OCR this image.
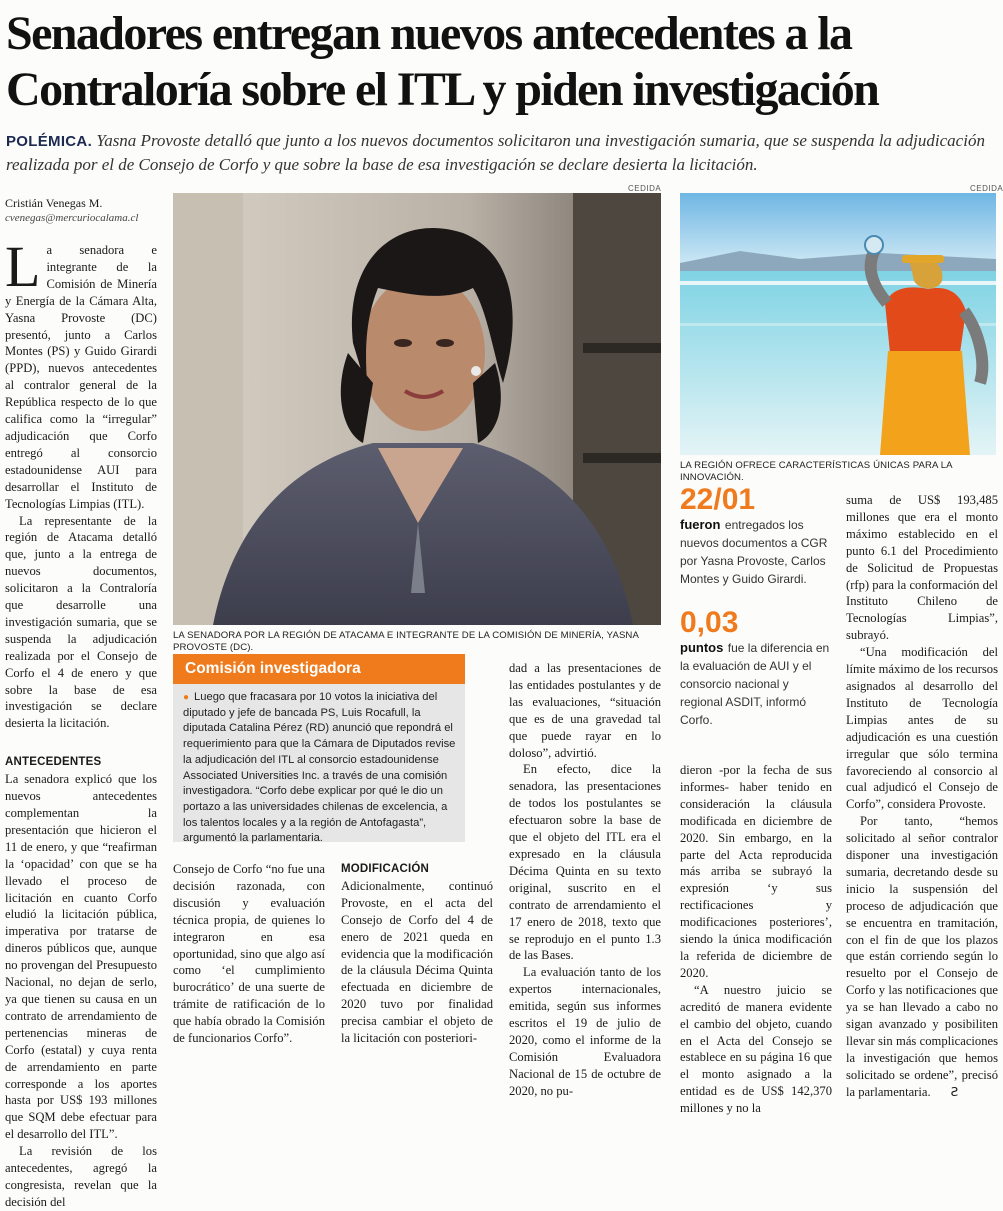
Senadores entregan nuevos antecedentes a la Contraloría sobre el ITL y piden investigación

POLÉMICA. Yasna Provoste detalló que junto a los nuevos documentos solicitaron una investigación sumaria, que se suspenda la adjudicación realizada por el de Consejo de Corfo y que sobre la base de esa investigación se declare desierta la licitación.

Cristián Venegas M.
cvenegas@mercuriocalama.cl

La senadora e integrante de la Comisión de Minería y Energía de la Cámara Alta, Yasna Provoste (DC) presentó, junto a Carlos Montes (PS) y Guido Girardi (PPD), nuevos antecedentes al contralor general de la República respecto de lo que califica como la “irregular” adjudicación que Corfo entregó al consorcio estadounidense AUI para desarrollar el Instituto de Tecnologías Limpias (ITL).

La representante de la región de Atacama detalló que, junto a la entrega de nuevos documentos, solicitaron a la Contraloría que desarrolle una investigación sumaria, que se suspenda la adjudicación realizada por el Consejo de Corfo el 4 de enero y que sobre la base de esa investigación se declare desierta la licitación.

ANTECEDENTES

La senadora explicó que los nuevos antecedentes complementan la presentación que hicieron el 11 de enero, y que “reafirman la ‘opacidad’ con que se ha llevado el proceso de licitación en cuanto Corfo eludió la licitación pública, imperativa por tratarse de dineros públicos que, aunque no provengan del Presupuesto Nacional, no dejan de serlo, ya que tienen su causa en un contrato de arrendamiento de pertenencias mineras de Corfo (estatal) y cuya renta de arrendamiento en parte corresponde a los aportes hasta por US$ 193 millones que SQM debe efectuar para el desarrollo del ITL”.

La revisión de los antecedentes, agregó la congresista, revelan que la decisión del

CEDIDA

LA SENADORA POR LA REGIÓN DE ATACAMA E INTEGRANTE DE LA COMISIÓN DE MINERÍA, YASNA PROVOSTE (DC).

CEDIDA

LA REGIÓN OFRECE CARACTERÍSTICAS ÚNICAS PARA LA INNOVACIÓN.

Comisión investigadora

● Luego que fracasara por 10 votos la iniciativa del diputado y jefe de bancada PS, Luis Rocafull, la diputada Catalina Pérez (RD) anunció que repondrá el requerimiento para que la Cámara de Diputados revise la adjudicación del ITL al consorcio estadounidense Associated Universities Inc. a través de una comisión investigadora. “Corfo debe explicar por qué le dio un portazo a las universidades chilenas de excelencia, a los talentos locales y a la región de Antofagasta”, argumentó la parlamentaria.

Consejo de Corfo “no fue una decisión razonada, con discusión y evaluación técnica propia, de quienes lo integraron en esa oportunidad, sino que algo así como ‘el cumplimiento burocrático’ de una suerte de trámite de ratificación de lo que había obrado la Comisión de funcionarios Corfo”.

MODIFICACIÓN

Adicionalmente, continuó Provoste, en el acta del Consejo de Corfo del 4 de enero de 2021 queda en evidencia que la modificación de la cláusula Décima Quinta efectuada en diciembre de 2020 tuvo por finalidad precisa cambiar el objeto de la licitación con posteriori-

dad a las presentaciones de las entidades postulantes y de las evaluaciones, “situación que es de una gravedad tal que puede rayar en lo doloso”, advirtió.

En efecto, dice la senadora, las presentaciones de todos los postulantes se efectuaron sobre la base de que el objeto del ITL era el expresado en la cláusula Décima Quinta en su texto original, suscrito en el contrato de arrendamiento el 17 enero de 2018, texto que se reprodujo en el punto 1.3 de las Bases.

La evaluación tanto de los expertos internacionales, emitida, según sus informes escritos el 19 de julio de 2020, como el informe de la Comisión Evaluadora Nacional de 15 de octubre de 2020, no pu-

22/01
fueron entregados los nuevos documentos a CGR por Yasna Provoste, Carlos Montes y Guido Girardi.
0,03
puntos fue la diferencia en la evaluación de AUI y el consorcio nacional y regional ASDIT, informó Corfo.

dieron -por la fecha de sus informes- haber tenido en consideración la cláusula modificada en diciembre de 2020. Sin embargo, en la parte del Acta reproducida más arriba se subrayó la expresión ‘y sus rectificaciones y modificaciones posteriores’, siendo la única modificación la referida de diciembre de 2020.

“A nuestro juicio se acreditó de manera evidente el cambio del objeto, cuando en el Acta del Consejo se establece en su página 16 que el monto asignado a la entidad es de US$ 142,370 millones y no la

suma de US$ 193,485 millones que era el monto máximo establecido en el punto 6.1 del Procedimiento de Solicitud de Propuestas (rfp) para la conformación del Instituto Chileno de Tecnologías Limpias”, subrayó.

“Una modificación del límite máximo de los recursos asignados al desarrollo del Instituto de Tecnología Limpias antes de su adjudicación es una cuestión irregular que sólo termina favoreciendo al consorcio al cual adjudicó el Consejo de Corfo”, considera Provoste.

Por tanto, “hemos solicitado al señor contralor disponer una investigación sumaria, decretando desde su inicio la suspensión del proceso de adjudicación que se encuentra en tramitación, con el fin de que los plazos que están corriendo según lo resuelto por el Consejo de Corfo y las notificaciones que ya se han llevado a cabo no sigan avanzado y posibiliten llevar sin más complicaciones la investigación que hemos solicitado se ordene”, precisó la parlamentaria. Ƨ
